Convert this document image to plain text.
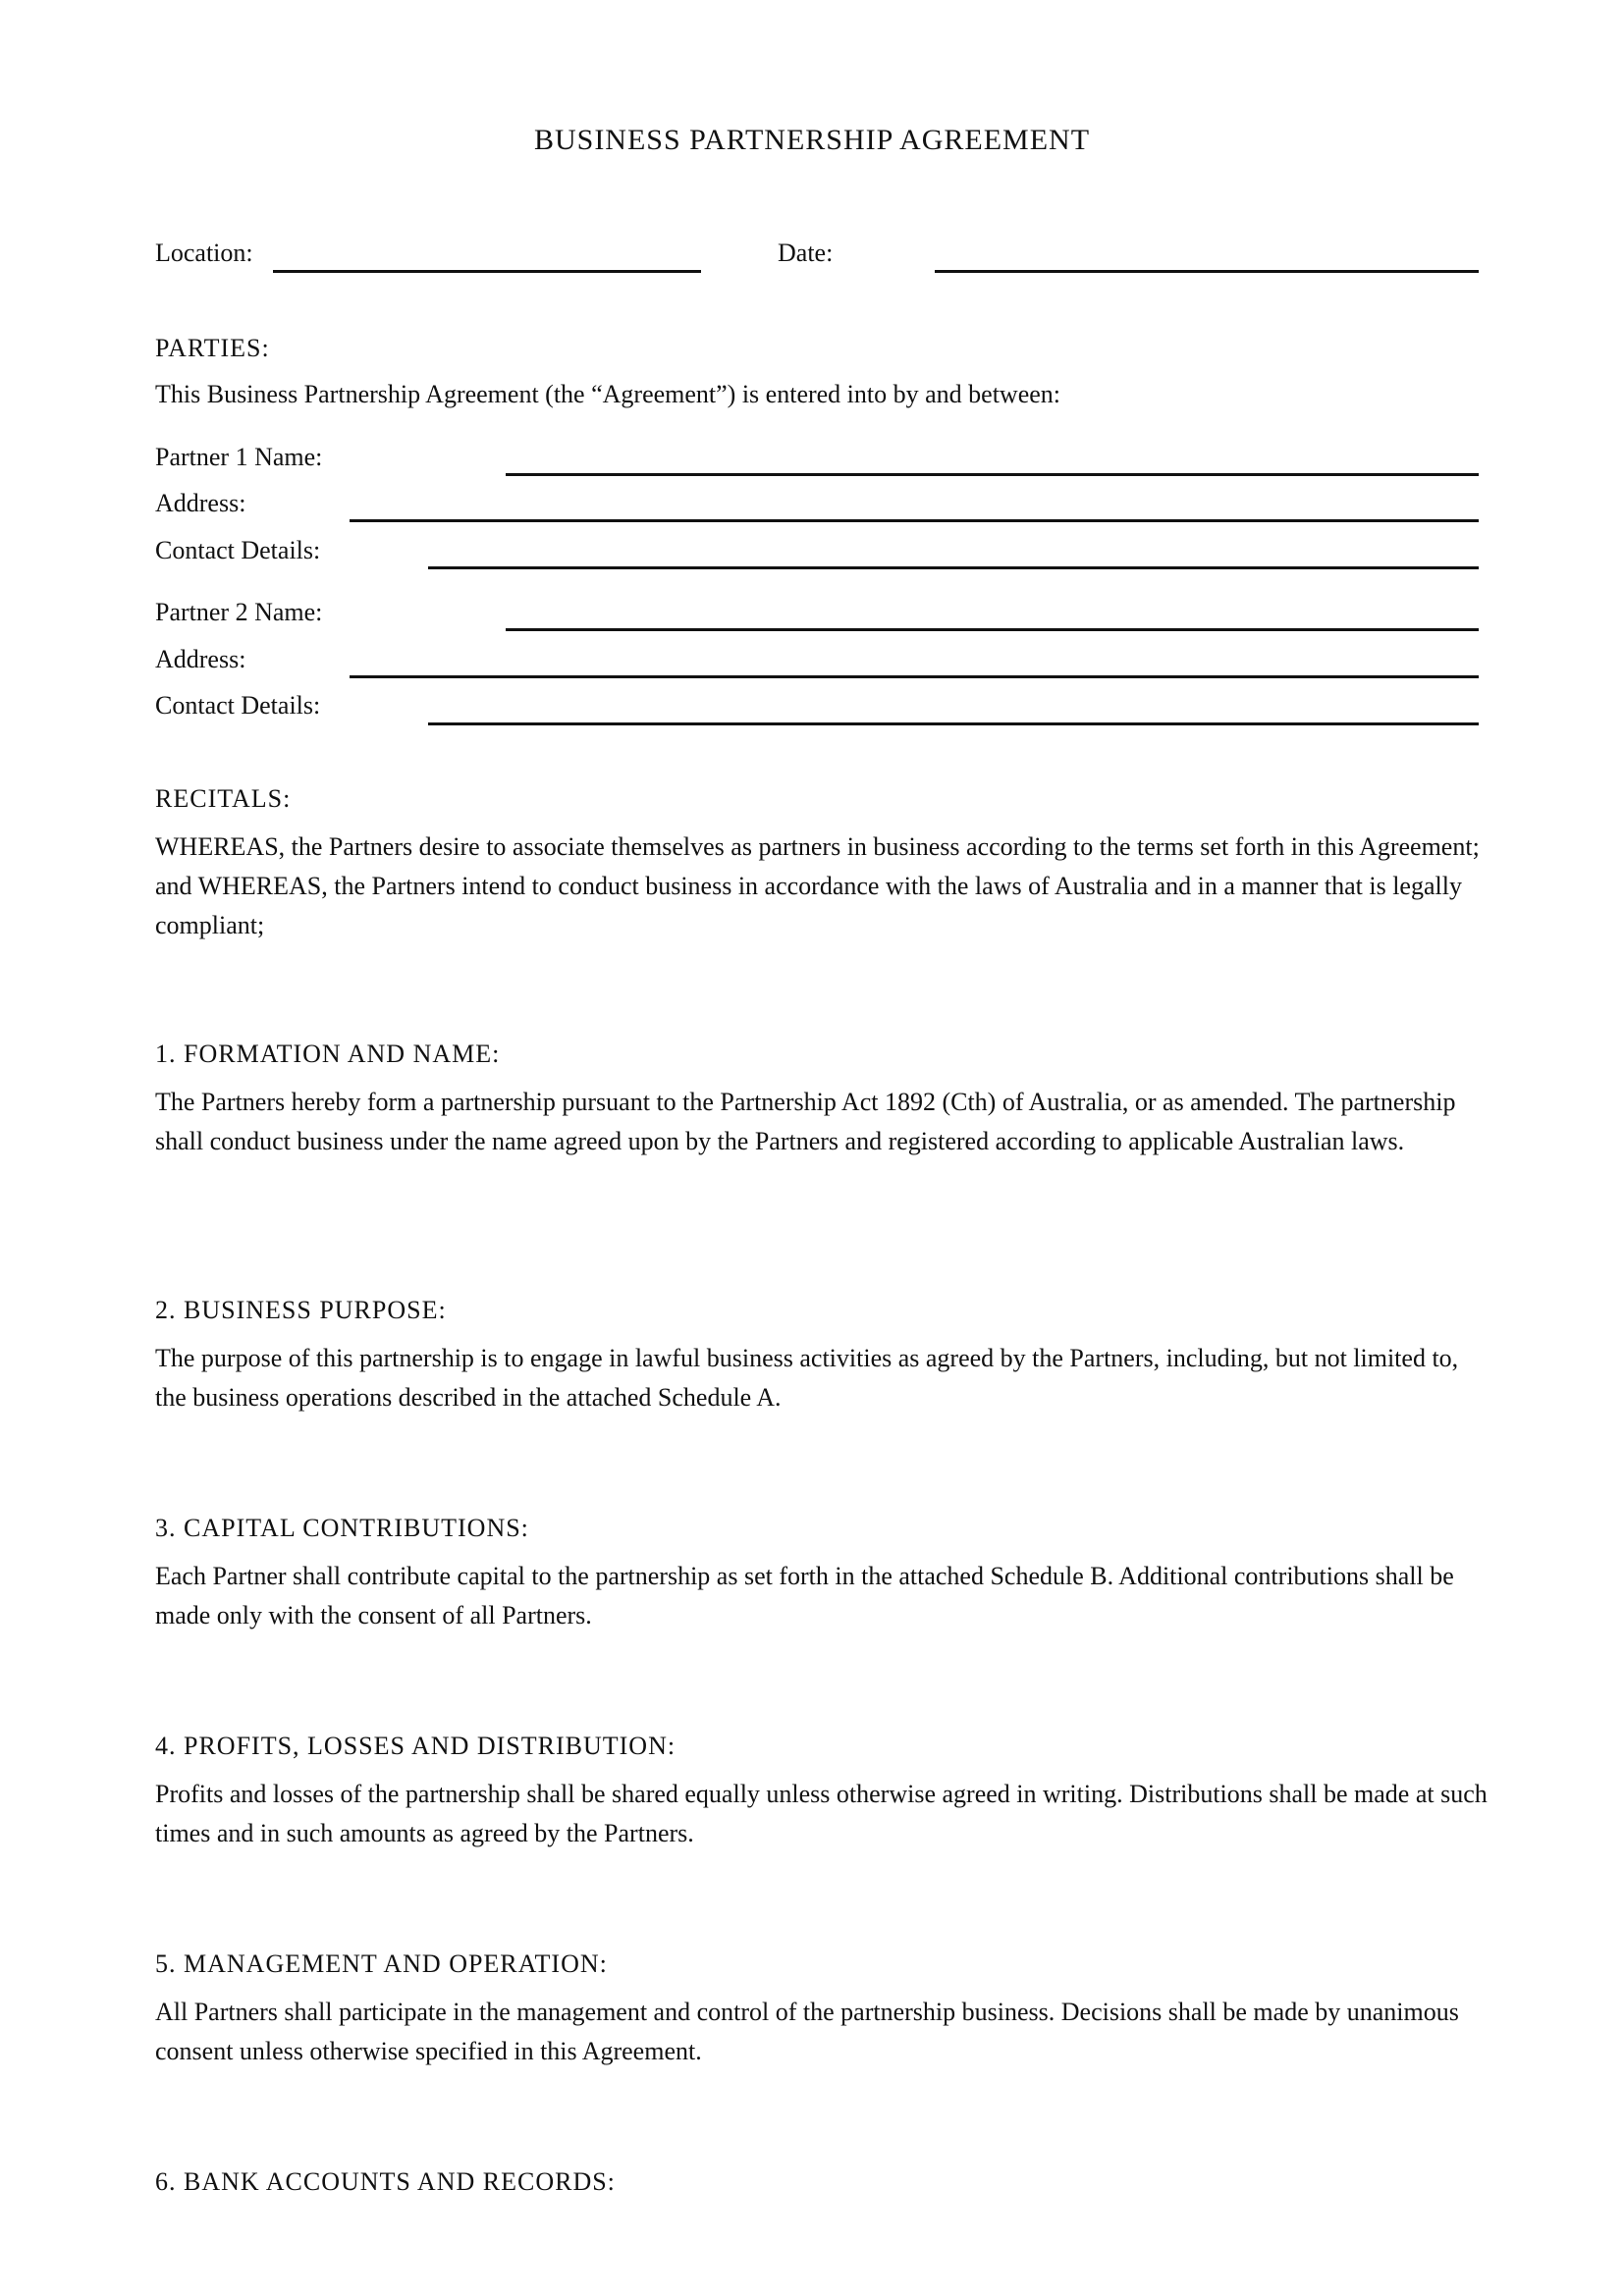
BUSINESS PARTNERSHIP AGREEMENT
Location:	Date:
PARTIES:
This Business Partnership Agreement (the “Agreement”) is entered into by and between:
Partner 1 Name:
Address:
Contact Details:
Partner 2 Name:
Address:
Contact Details:
RECITALS:
WHEREAS, the Partners desire to associate themselves as partners in business according to the terms set forth in this Agreement; and WHEREAS, the Partners intend to conduct business in accordance with the laws of Australia and in a manner that is legally compliant;
1. FORMATION AND NAME:
The Partners hereby form a partnership pursuant to the Partnership Act 1892 (Cth) of Australia, or as amended. The partnership shall conduct business under the name agreed upon by the Partners and registered according to applicable Australian laws.
2. BUSINESS PURPOSE:
The purpose of this partnership is to engage in lawful business activities as agreed by the Partners, including, but not limited to, the business operations described in the attached Schedule A.
3. CAPITAL CONTRIBUTIONS:
Each Partner shall contribute capital to the partnership as set forth in the attached Schedule B. Additional contributions shall be made only with the consent of all Partners.
4. PROFITS, LOSSES AND DISTRIBUTION:
Profits and losses of the partnership shall be shared equally unless otherwise agreed in writing. Distributions shall be made at such times and in such amounts as agreed by the Partners.
5. MANAGEMENT AND OPERATION:
All Partners shall participate in the management and control of the partnership business. Decisions shall be made by unanimous consent unless otherwise specified in this Agreement.
6. BANK ACCOUNTS AND RECORDS:
